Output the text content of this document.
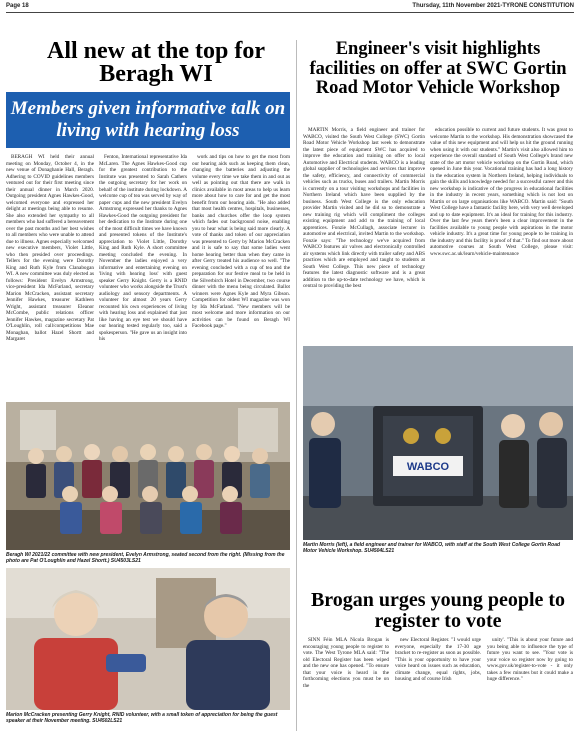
Page 18	Thursday, 11th November 2021-TYRONE CONSTITUTION
All new at the top for Beragh WI
Members given informative talk on living with hearing loss

BERAGH WI held their annual meeting on Monday, October 4, in the new venue of Donaghanie Hall, Beragh. Adhering to COVID guidelines members ventured out for their first meeting since their annual dinner in March 2020. Outgoing president Agnes Hawkes-Good, welcomed everyone and expressed her delight at meetings being able to resume. She also extended her sympathy to all members who had suffered a bereavement over the past months and her best wishes to all members who were unable to attend due to illness. Agnes especially welcomed new executive members, Violet Little, who then presided over proceedings. Tellers for the evening were Dorothy King and Ruth Kyle from Clanabogan WI. A new committee was duly elected as follows: President Evelyn Armstrong, vice-president Ida McFarland, secretary Marion McCracken, assistant secretary Jennifer Hawkes, treasurer Kathleen Wright, assistant treasurer Eleanor McCombe, public relations officer Jennifer Hawkes, magazine secretary Pat O'Loughlin, roll call/competitions Mae Monaghan, ballot Hazel Shortt and Margaret

Fenton, International representative Ida McLaren. The Agnes Hawkes-Good cup for the greatest contribution to the Institute was presented to Sarah Cathers the outgoing secretary for her work on behalf of the institute during lockdown. A welcome cup of tea was served by way of paper cups and the new president Evelyn Armstrong expressed her thanks to Agnes Hawkes-Good the outgoing president for her dedication to the Institute during one of the most difficult times we have known and presented tokens of the Institute's appreciation to Violet Little, Dorothy King and Ruth Kyle. A short committee meeting concluded the evening. In November the ladies enjoyed a very informative and entertaining evening on 'living with hearing loss' with guest speaker Gerry Knight. Gerry is a RNID volunteer who works alongside the Trust's audiology and sensory departments. A volunteer for almost 20 years Gerry recounted his own experiences of living with hearing loss and explained that just like having an eye test we should have our hearing tested regularly too, said a spokesperson. "He gave us an insight into his

work and tips on how to get the most from our hearing aids such as keeping them clean, changing the batteries and adjusting the volume every time we take them in and out as well as pointing out that there are walk in clinics available in most areas to help us learn more about how to care for and get the most benefit from our hearing aids. "He also added that most health centres, hospitals, businesses, banks and churches offer the loop system which fades out background noise, enabling you to hear what is being said more clearly. A vote of thanks and token of our appreciation was presented to Gerry by Marion McCracken and it is safe to say that some ladies went home hearing better than when they came in after Gerry treated his audience so well. "The evening concluded with a cup of tea and the preparation for our festive meal to be held in the Silverbirch Hotel in December, two course dinner with the menu being circulated. Ballot winners were Agnes Kyle and Myra Gibson. Competition for oldest WI magazine was won by Ida McFarland. "New members will be most welcome and more information on our activities can be found on Beragh WI Facebook page."

Beragh WI 2021/22 committee with new president, Evelyn Armstrong, seated second from the right. (Missing from the photo are Pat O'Loughlin and Hazel Shortt.) SU4503LS21
Marion McCracken presenting Gerry Knight, RNID volunteer, with a small token of appreciation for being the guest speaker at their November meeting. SU4502LS21
Engineer's visit highlights facilities on offer at SWC Gortin Road Motor Vehicle Workshop

MARTIN Morris, a field engineer and trainer for WABCO, visited the South West College (SWC) Gortin Road Motor Vehicle Workshop last week to demonstrate the latest piece of equipment SWC has acquired to improve the education and training on offer to local Automotive and Electrical students. WABCO is a leading global supplier of technologies and services that improve the safety, efficiency, and connectivity of commercial vehicles such as trucks, buses and trailers. Martin Morris is currently on a tour visiting workshops and facilities in Northern Ireland which have been supplied by the business. South West College is the only education provider Martin visited and he did so to demonstrate a new training rig which will compliment the colleges existing equipment and add to the training of local apprentices. Fonzie McCullagh, associate lecturer in automotive and electrical, invited Martin to the workshop. Fonzie says: "The technology we've acquired from WABCO features air valves and electronically controlled air systems which link directly with trailer safety and ABS practices which are employed and taught to students at South West College. This new piece of technology features the latest diagnostic software and is a great addition to the up-to-date technology we have, which is central to providing the best

education possible to current and future students. It was great to welcome Martin to the workshop. His demonstration showcased the value of this new equipment and will help us hit the ground running when using it with our students." Martin's visit also allowed him to experience the overall standard of South West College's brand new state of the art motor vehicle workshop on the Gortin Road, which opened in June this year. Vocational training has had a long history in the education system in Northern Ireland, helping individuals to gain the skills and knowledge needed for a successful career and this new workshop is indicative of the progress in educational facilities in the industry in recent years, something which is not lost on Martin or on large organisations like WABCO. Martin said: "South West College have a fantastic facility here, with very well developed and up to date equipment. It's an ideal for training for this industry. Over the last few years there's been a clear improvement in the facilities available to young people with aspirations in the motor vehicle industry. It's a great time for young people to be training in the industry and this facility is proof of that." To find out more about automotive courses at South West College, please visit: www.swc.ac.uk/learn/vehicle-maintenance

WABCO
Martin Morris (left), a field engineer and trainer for WABCO, with staff at the South West College Gortin Road Motor Vehicle Workshop. SU4504LS21
Brogan urges young people to register to vote

SINN Féin MLA Nicola Brogan is encouraging young people to register to vote. The West Tyrone MLA said: "The old Electoral Register has been wiped and the new one has opened. "To ensure that your voice is heard in the forthcoming elections you must be on the

new Electoral Register. "I would urge everyone, especially the 17-30 age bracket to re-register as soon as possible. "This is your opportunity to have your voice heard on issues such as education, climate change, equal rights, jobs, housing and of course Irish

unity'. "This is about your future and you being able to influence the type of future you want to see. "Your vote is your voice so register now by going to www.gov.uk/register-to-vote - it only takes a few minutes but it could make a huge difference."
